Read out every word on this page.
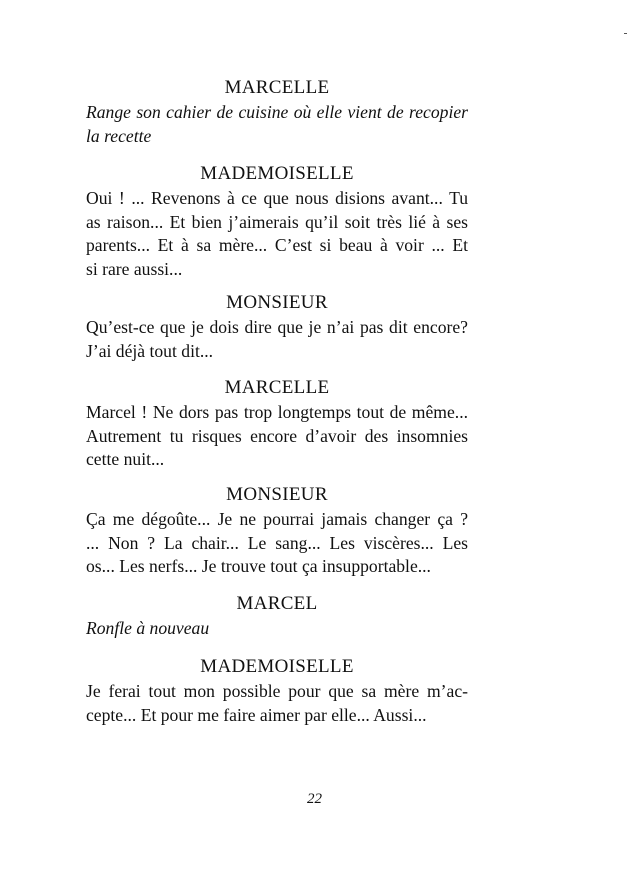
MARCELLE
Range son cahier de cuisine où elle vient de recopier
la recette
MADEMOISELLE
Oui ! ... Revenons à ce que nous disions avant... Tu
as raison... Et bien j’aimerais qu’il soit très lié à ses
parents... Et à sa mère... C’est si beau à voir ... Et
si rare aussi...
MONSIEUR
Qu’est-ce que je dois dire que je n’ai pas dit encore?
J’ai déjà tout dit...
MARCELLE
Marcel ! Ne dors pas trop longtemps tout de même...
Autrement tu risques encore d’avoir des insomnies
cette nuit...
MONSIEUR
Ça me dégoûte... Je ne pourrai jamais changer ça ?
... Non ? La chair... Le sang... Les viscères... Les
os... Les nerfs... Je trouve tout ça insupportable...
MARCEL
Ronfle à nouveau
MADEMOISELLE
Je ferai tout mon possible pour que sa mère m’ac-
cepte... Et pour me faire aimer par elle... Aussi...
22
